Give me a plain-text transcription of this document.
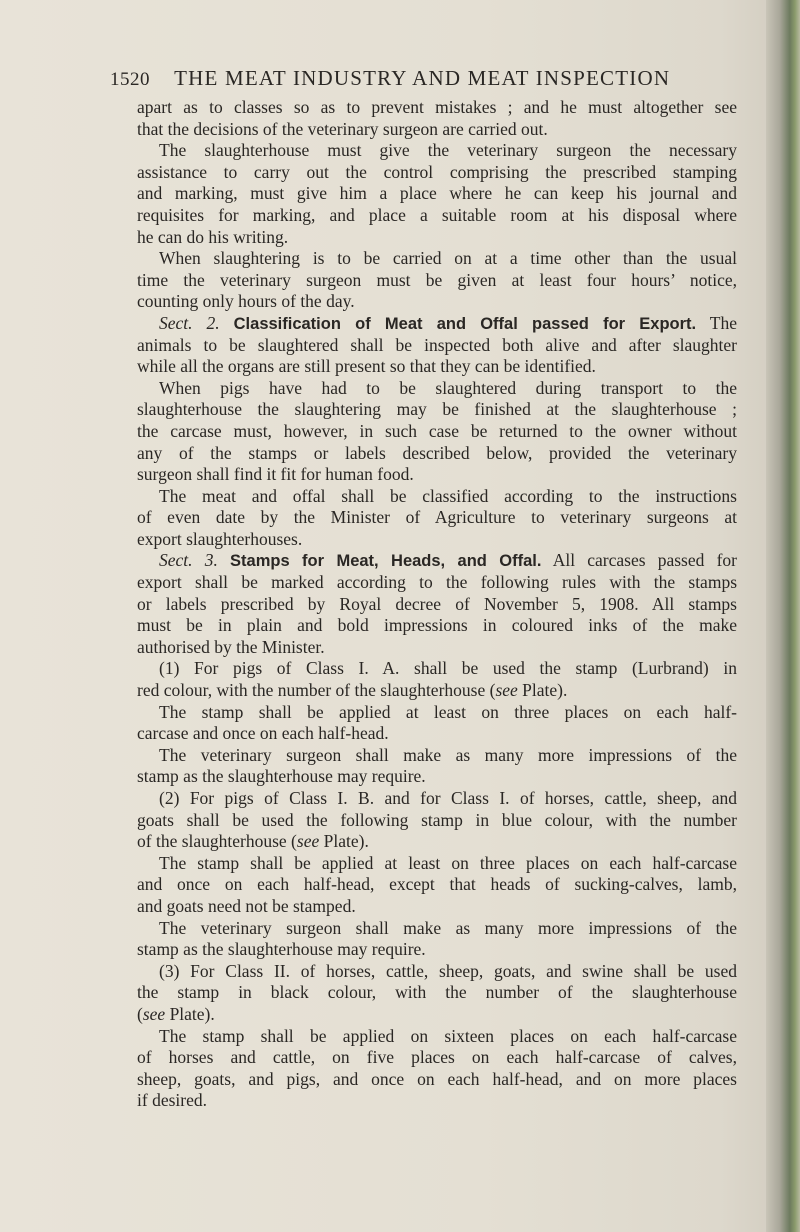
1520 THE MEAT INDUSTRY AND MEAT INSPECTION
apart as to classes so as to prevent mistakes ; and he must altogether see
that the decisions of the veterinary surgeon are carried out.
The slaughterhouse must give the veterinary surgeon the necessary
assistance to carry out the control comprising the prescribed stamping
and marking, must give him a place where he can keep his journal and
requisites for marking, and place a suitable room at his disposal where
he can do his writing.
When slaughtering is to be carried on at a time other than the usual
time the veterinary surgeon must be given at least four hours’ notice,
counting only hours of the day.
Sect. 2. Classification of Meat and Offal passed for Export. The
animals to be slaughtered shall be inspected both alive and after slaughter
while all the organs are still present so that they can be identified.
When pigs have had to be slaughtered during transport to the
slaughterhouse the slaughtering may be finished at the slaughterhouse ;
the carcase must, however, in such case be returned to the owner without
any of the stamps or labels described below, provided the veterinary
surgeon shall find it fit for human food.
The meat and offal shall be classified according to the instructions
of even date by the Minister of Agriculture to veterinary surgeons at
export slaughterhouses.
Sect. 3. Stamps for Meat, Heads, and Offal. All carcases passed for
export shall be marked according to the following rules with the stamps
or labels prescribed by Royal decree of November 5, 1908. All stamps
must be in plain and bold impressions in coloured inks of the make
authorised by the Minister.
(1) For pigs of Class I. A. shall be used the stamp (Lurbrand) in
red colour, with the number of the slaughterhouse (see Plate).
The stamp shall be applied at least on three places on each half-
carcase and once on each half-head.
The veterinary surgeon shall make as many more impressions of the
stamp as the slaughterhouse may require.
(2) For pigs of Class I. B. and for Class I. of horses, cattle, sheep, and
goats shall be used the following stamp in blue colour, with the number
of the slaughterhouse (see Plate).
The stamp shall be applied at least on three places on each half-carcase
and once on each half-head, except that heads of sucking-calves, lamb,
and goats need not be stamped.
The veterinary surgeon shall make as many more impressions of the
stamp as the slaughterhouse may require.
(3) For Class II. of horses, cattle, sheep, goats, and swine shall be used
the stamp in black colour, with the number of the slaughterhouse
(see Plate).
The stamp shall be applied on sixteen places on each half-carcase
of horses and cattle, on five places on each half-carcase of calves,
sheep, goats, and pigs, and once on each half-head, and on more places
if desired.
